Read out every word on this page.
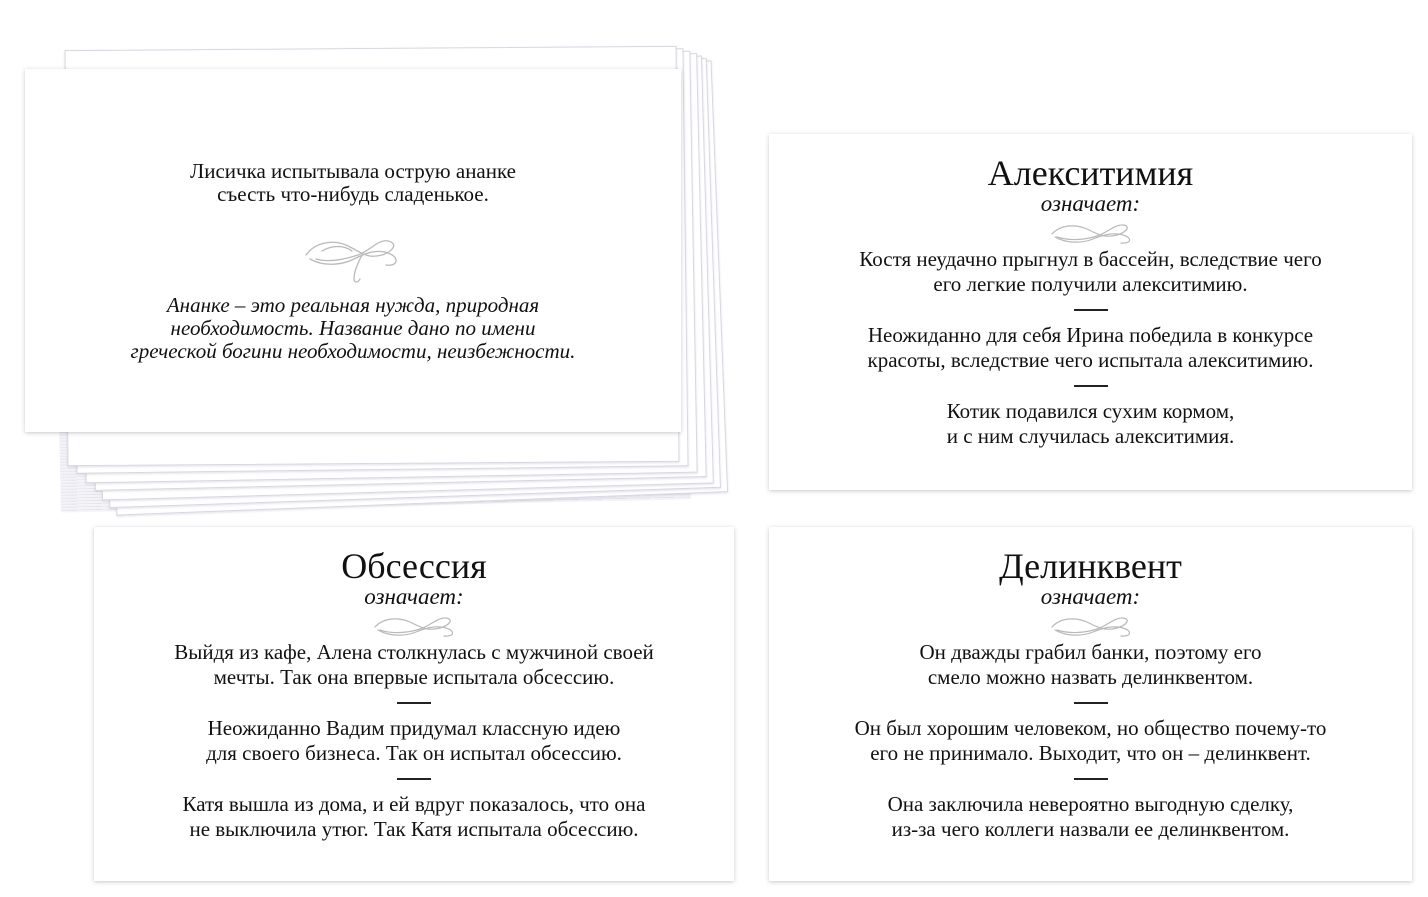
Лисичка испытывала острую ананке
съесть что-нибудь сладенькое.
Ананке – это реальная нужда, природная
необходимость. Название дано по имени
греческой богини необходимости, неизбежности.
Алекситимия
означает:
Костя неудачно прыгнул в бассейн, вследствие чего
его легкие получили алекситимию.
Неожиданно для себя Ирина победила в конкурсе
красоты, вследствие чего испытала алекситимию.
Котик подавился сухим кормом,
и с ним случилась алекситимия.
Обсессия
означает:
Выйдя из кафе, Алена столкнулась с мужчиной своей
мечты. Так она впервые испытала обсессию.
Неожиданно Вадим придумал классную идею
для своего бизнеса. Так он испытал обсессию.
Катя вышла из дома, и ей вдруг показалось, что она
не выключила утюг. Так Катя испытала обсессию.
Делинквент
означает:
Он дважды грабил банки, поэтому его
смело можно назвать делинквентом.
Он был хорошим человеком, но общество почему-то
его не принимало. Выходит, что он – делинквент.
Она заключила невероятно выгодную сделку,
из-за чего коллеги назвали ее делинквентом.
